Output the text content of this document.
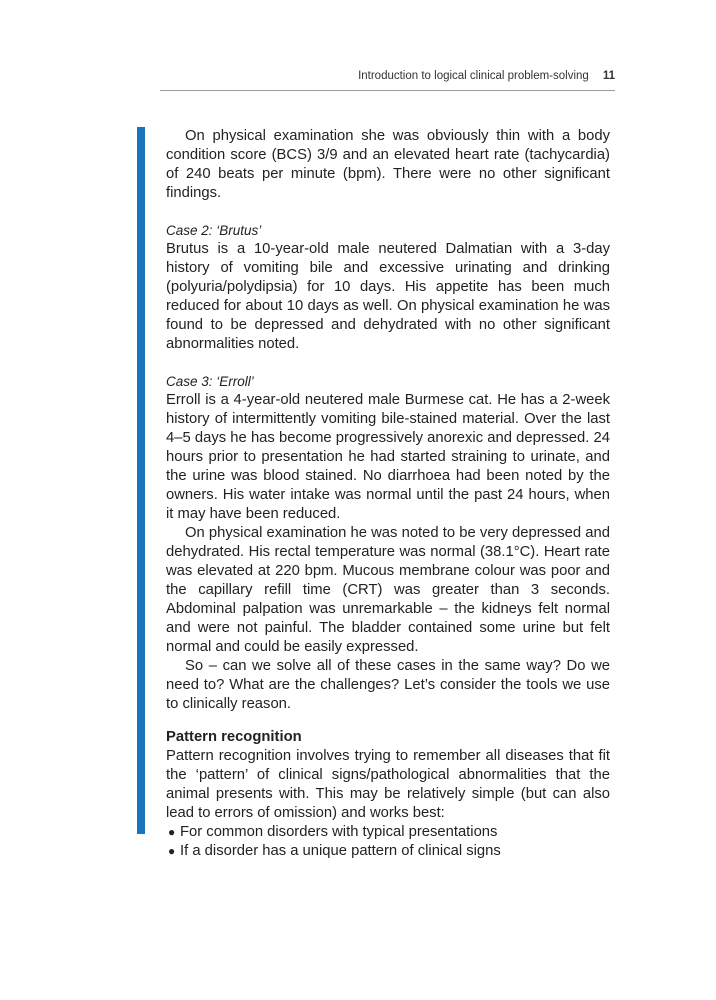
Introduction to logical clinical problem-solving 11

On physical examination she was obviously thin with a body condition score (BCS) 3/9 and an elevated heart rate (tachycardia) of 240 beats per minute (bpm). There were no other significant findings.

Case 2: ‘Brutus’

Brutus is a 10-year-old male neutered Dalmatian with a 3-day history of vomiting bile and excessive urinating and drinking (polyuria/polydipsia) for 10 days. His appetite has been much reduced for about 10 days as well. On physical examination he was found to be depressed and dehydrated with no other significant abnormalities noted.

Case 3: ‘Erroll’

Erroll is a 4-year-old neutered male Burmese cat. He has a 2-week history of intermittently vomiting bile-stained material. Over the last 4–5 days he has become progressively anorexic and depressed. 24 hours prior to presentation he had started straining to urinate, and the urine was blood stained. No diarrhoea had been noted by the owners. His water intake was normal until the past 24 hours, when it may have been reduced.

On physical examination he was noted to be very depressed and dehydrated. His rectal temperature was normal (38.1°C). Heart rate was elevated at 220 bpm. Mucous membrane colour was poor and the capillary refill time (CRT) was greater than 3 seconds. Abdominal palpation was unremarkable – the kidneys felt normal and were not painful. The bladder contained some urine but felt normal and could be easily expressed.

So – can we solve all of these cases in the same way? Do we need to? What are the challenges? Let’s consider the tools we use to clinically reason.

Pattern recognition

Pattern recognition involves trying to remember all diseases that fit the ‘pattern’ of clinical signs/pathological abnormalities that the animal presents with. This may be relatively simple (but can also lead to errors of omission) and works best:

● For common disorders with typical presentations
● If a disorder has a unique pattern of clinical signs
